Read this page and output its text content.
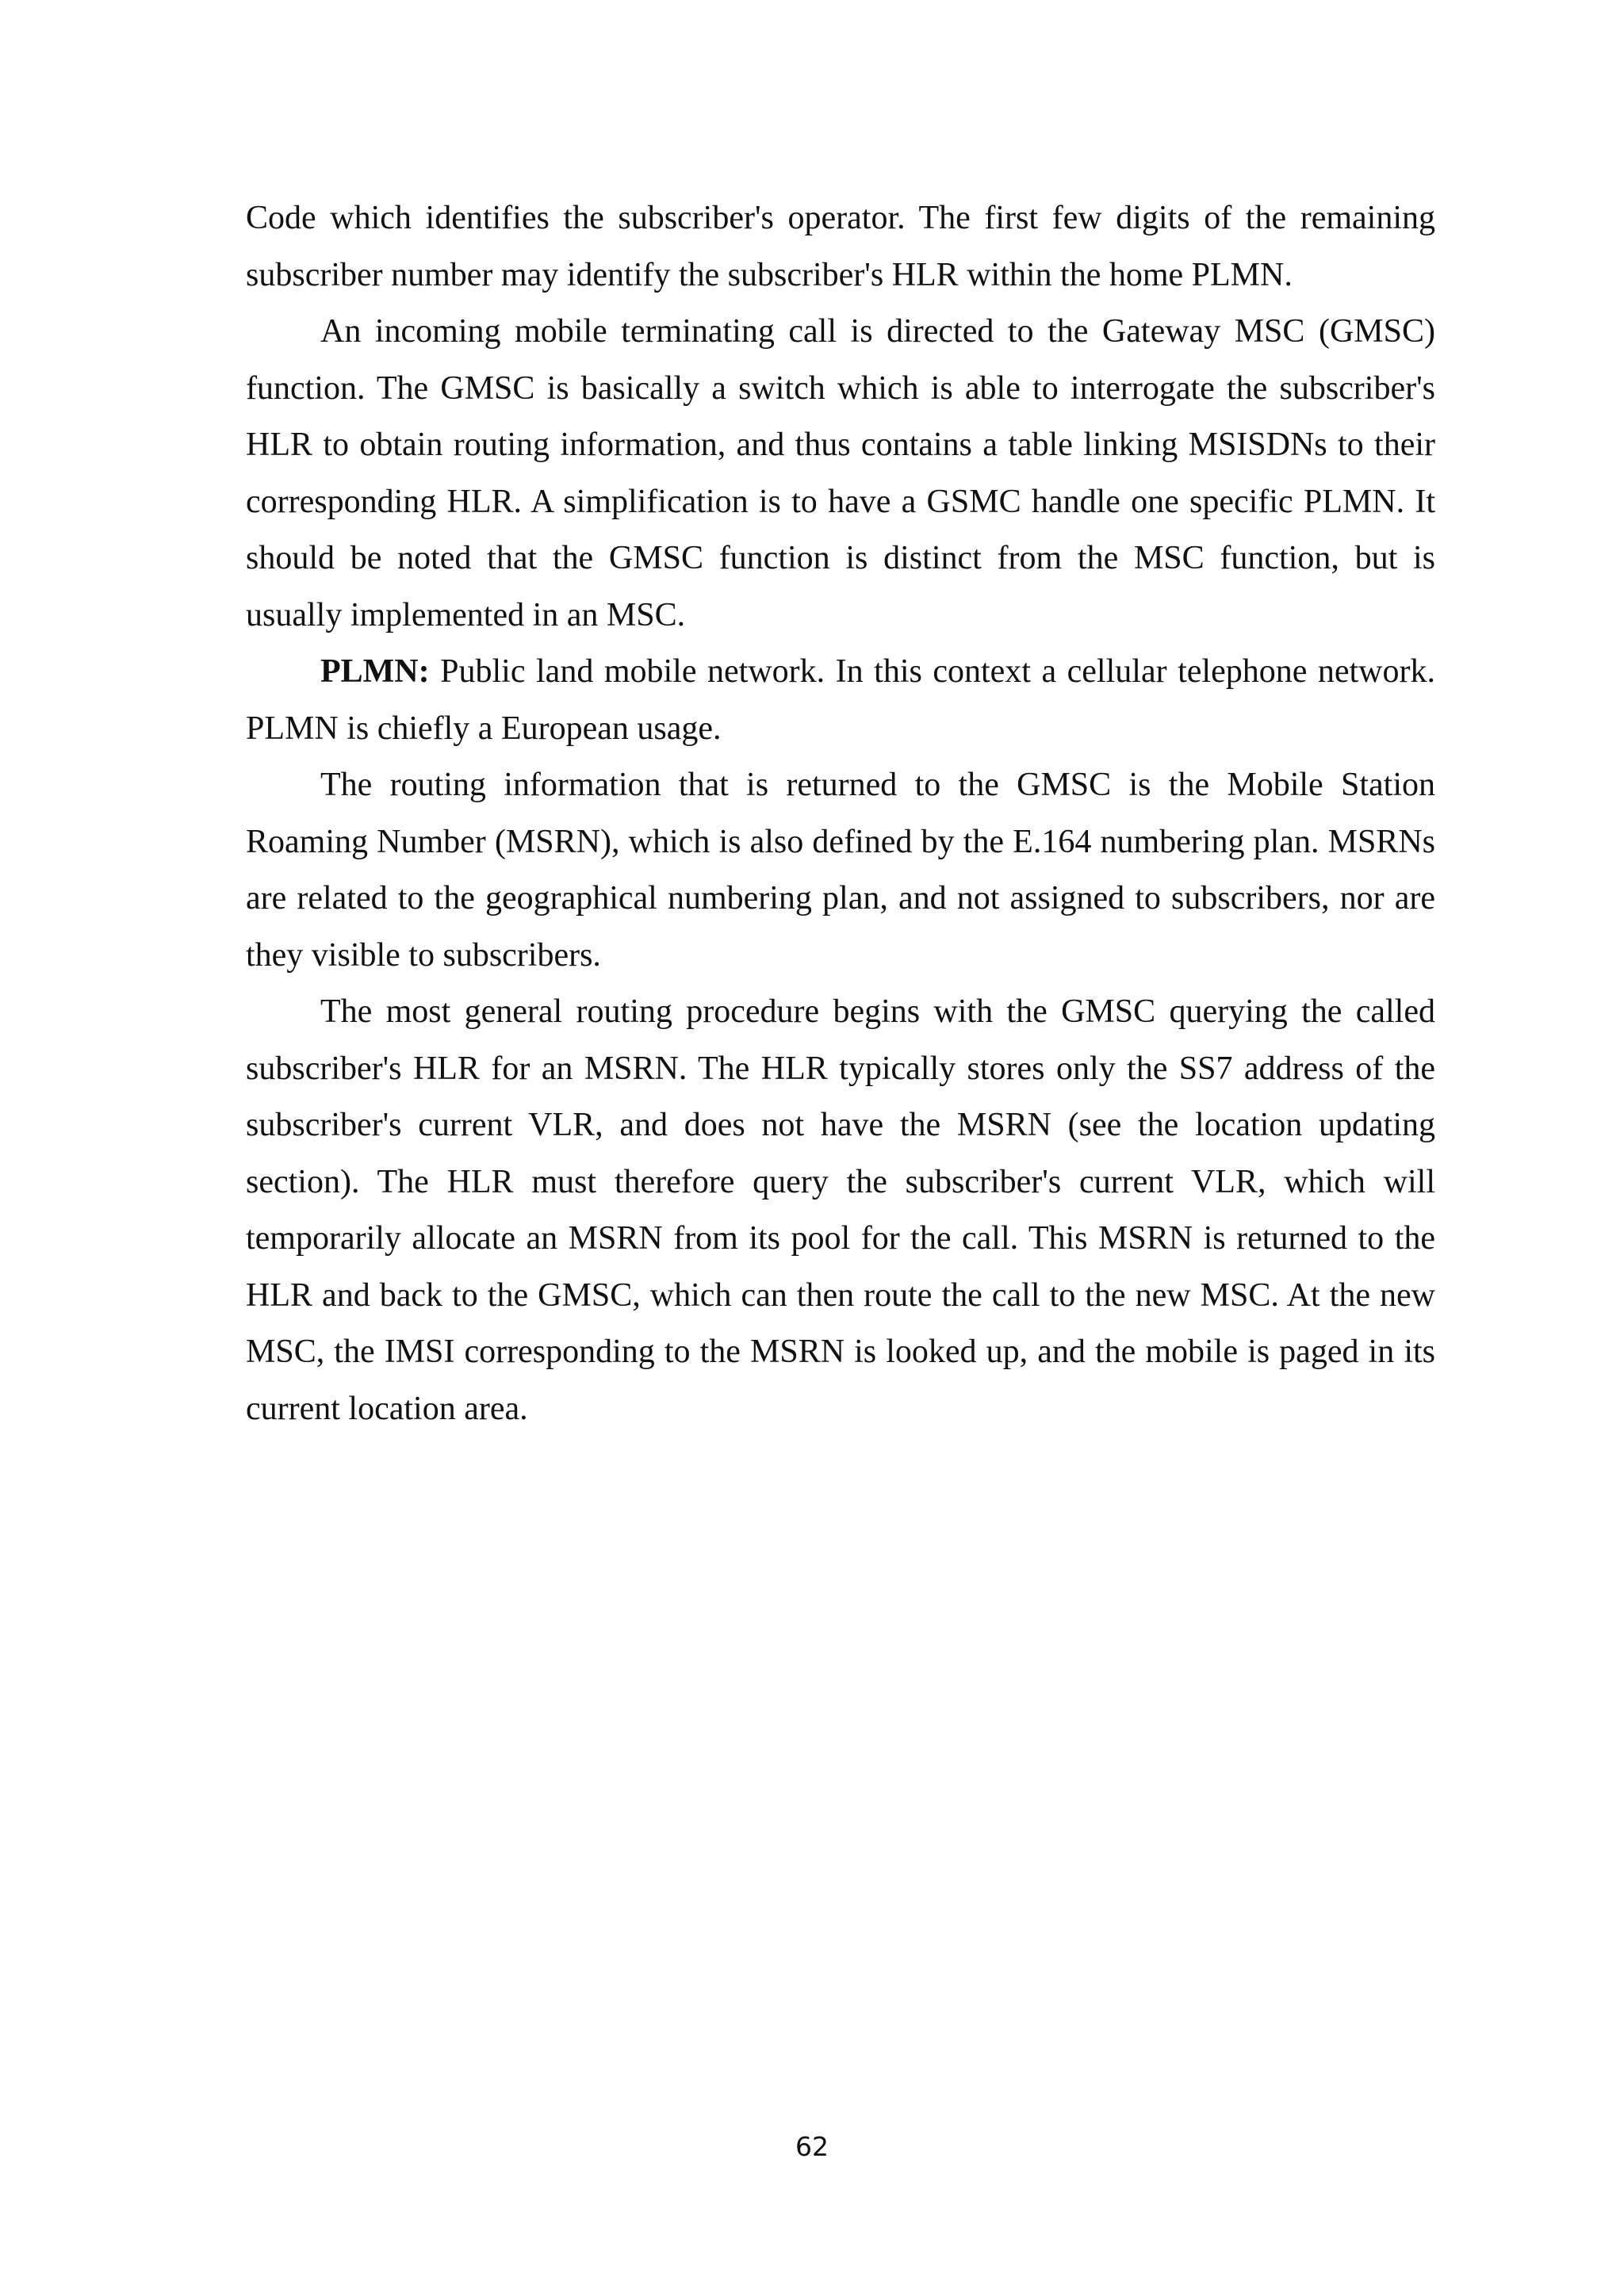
Code which identifies the subscriber's operator. The first few digits of the remaining subscriber number may identify the subscriber's HLR within the home PLMN.

An incoming mobile terminating call is directed to the Gateway MSC (GMSC) function. The GMSC is basically a switch which is able to interrogate the subscriber's HLR to obtain routing information, and thus contains a table linking MSISDNs to their corresponding HLR. A simplification is to have a GSMC handle one specific PLMN. It should be noted that the GMSC function is distinct from the MSC function, but is usually implemented in an MSC.

PLMN: Public land mobile network. In this context a cellular telephone network. PLMN is chiefly a European usage.

The routing information that is returned to the GMSC is the Mobile Station Roaming Number (MSRN), which is also defined by the E.164 numbering plan. MSRNs are related to the geographical numbering plan, and not assigned to subscribers, nor are they visible to subscribers.

The most general routing procedure begins with the GMSC querying the called subscriber's HLR for an MSRN. The HLR typically stores only the SS7 address of the subscriber's current VLR, and does not have the MSRN (see the location updating section). The HLR must therefore query the subscriber's current VLR, which will temporarily allocate an MSRN from its pool for the call. This MSRN is returned to the HLR and back to the GMSC, which can then route the call to the new MSC. At the new MSC, the IMSI corresponding to the MSRN is looked up, and the mobile is paged in its current location area.

62
